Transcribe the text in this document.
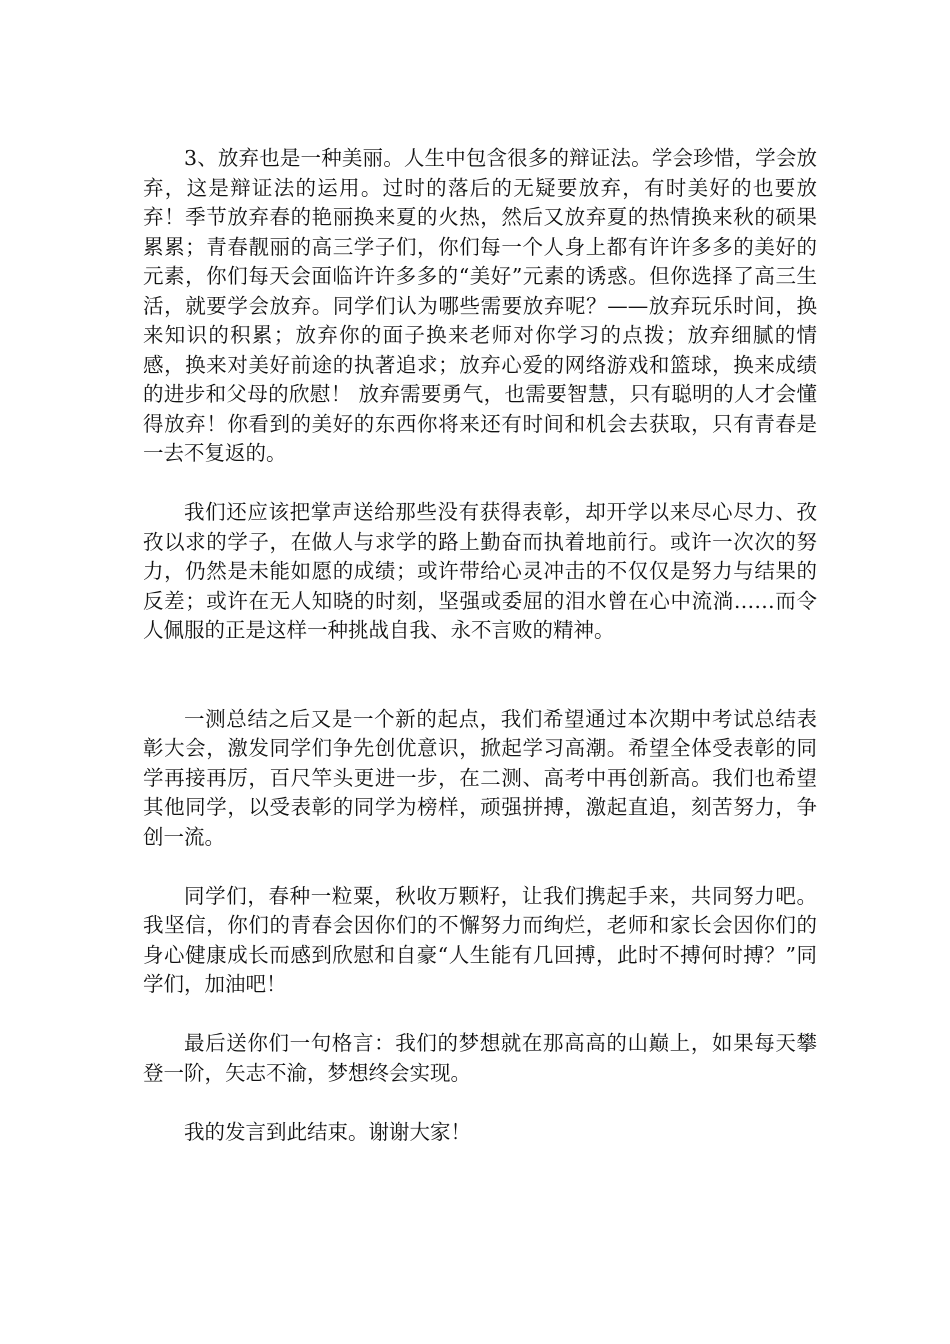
3、放弃也是一种美丽。人生中包含很多的辩证法。学会珍惜，学会放弃，这是辩证法的运用。过时的落后的无疑要放弃，有时美好的也要放弃！季节放弃春的艳丽换来夏的火热，然后又放弃夏的热情换来秋的硕果累累；青春靓丽的高三学子们，你们每一个人身上都有许许多多的美好的元素，你们每天会面临许许多多的“美好”元素的诱惑。但你选择了高三生活，就要学会放弃。同学们认为哪些需要放弃呢？——放弃玩乐时间，换来知识的积累；放弃你的面子换来老师对你学习的点拨；放弃细腻的情感，换来对美好前途的执著追求；放弃心爱的网络游戏和篮球，换来成绩的进步和父母的欣慰！ 放弃需要勇气，也需要智慧，只有聪明的人才会懂得放弃！你看到的美好的东西你将来还有时间和机会去获取，只有青春是一去不复返的。

我们还应该把掌声送给那些没有获得表彰，却开学以来尽心尽力、孜孜以求的学子，在做人与求学的路上勤奋而执着地前行。或许一次次的努力，仍然是未能如愿的成绩；或许带给心灵冲击的不仅仅是努力与结果的反差；或许在无人知晓的时刻，坚强或委屈的泪水曾在心中流淌……而令人佩服的正是这样一种挑战自我、永不言败的精神。

一测总结之后又是一个新的起点，我们希望通过本次期中考试总结表彰大会，激发同学们争先创优意识，掀起学习高潮。希望全体受表彰的同学再接再厉，百尺竿头更进一步，在二测、高考中再创新高。我们也希望其他同学，以受表彰的同学为榜样，顽强拼搏，激起直追，刻苦努力，争创一流。

同学们，春种一粒粟，秋收万颗籽，让我们携起手来，共同努力吧。我坚信，你们的青春会因你们的不懈努力而绚烂，老师和家长会因你们的身心健康成长而感到欣慰和自豪“人生能有几回搏，此时不搏何时搏？”同学们，加油吧！

最后送你们一句格言：我们的梦想就在那高高的山巅上，如果每天攀登一阶，矢志不渝，梦想终会实现。

我的发言到此结束。谢谢大家！
